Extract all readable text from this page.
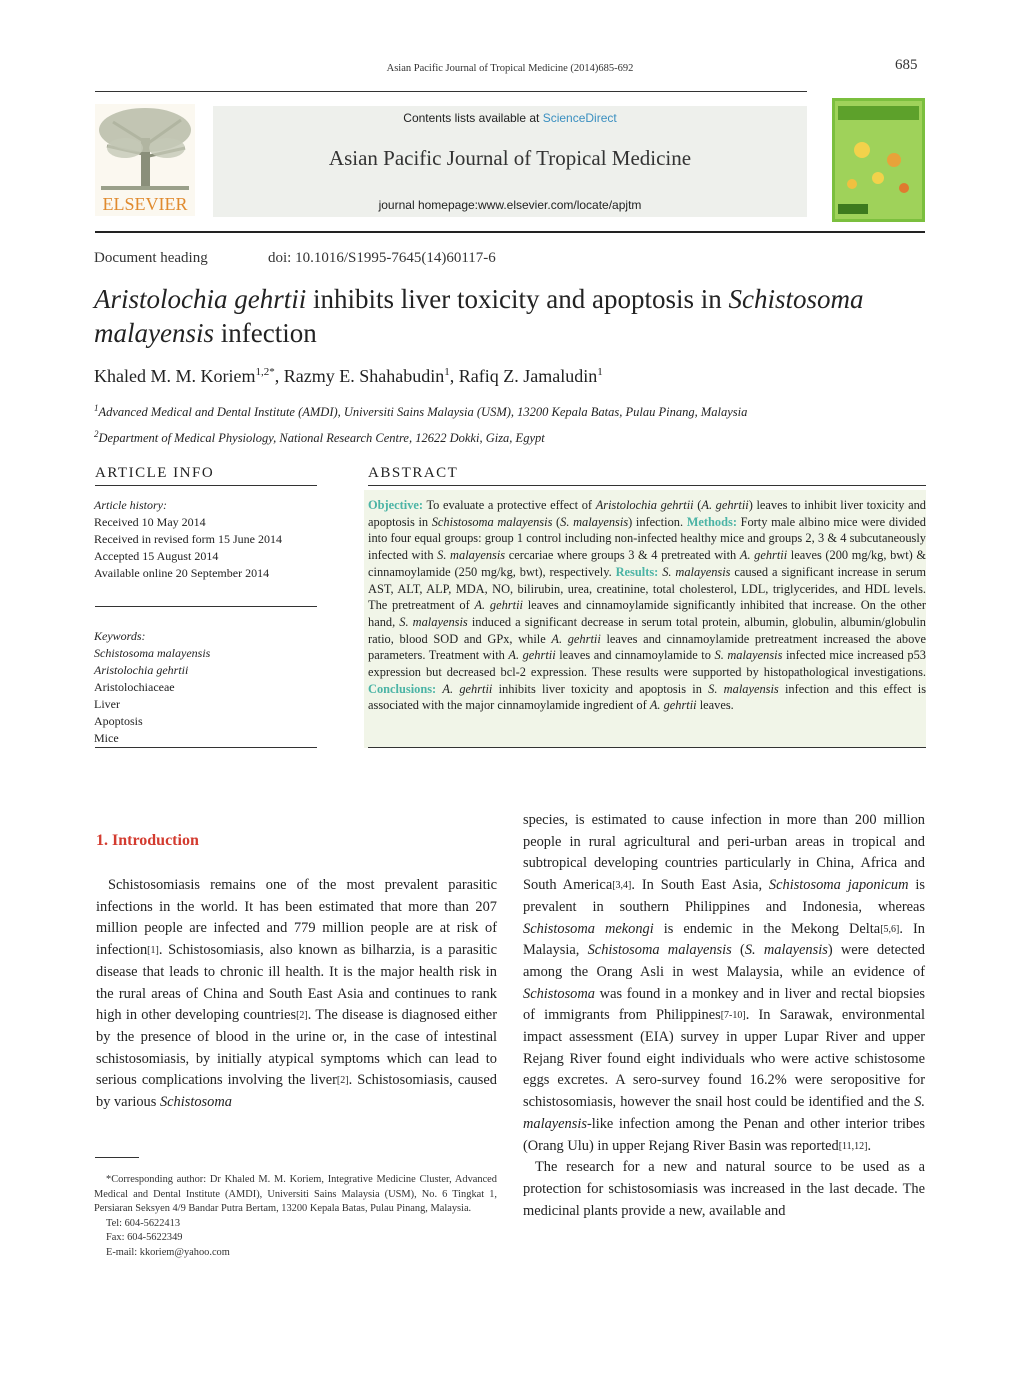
Asian Pacific Journal of Tropical Medicine (2014)685-692	685
ELSEVIER
Contents lists available at ScienceDirect
Asian Pacific Journal of Tropical Medicine
journal homepage:www.elsevier.com/locate/apjtm
Document heading	doi: 10.1016/S1995-7645(14)60117-6
Aristolochia gehrtii inhibits liver toxicity and apoptosis in Schistosoma malayensis infection
Khaled M. M. Koriem$^{1,2*}$, Razmy E. Shahabudin$^1$, Rafiq Z. Jamaludin$^1$
$^1$Advanced Medical and Dental Institute (AMDI), Universiti Sains Malaysia (USM), 13200 Kepala Batas, Pulau Pinang, Malaysia
$^2$Department of Medical Physiology, National Research Centre, 12622 Dokki, Giza, Egypt
ARTICLE INFO
Article history:
Received 10 May 2014
Received in revised form 15 June 2014
Accepted 15 August 2014
Available online 20 September 2014
Keywords:
Schistosoma malayensis
Aristolochia gehrtii
Aristolochiaceae
Liver
Apoptosis
Mice
ABSTRACT
Objective: To evaluate a protective effect of Aristolochia gehrtii (A. gehrtii) leaves to inhibit liver toxicity and apoptosis in Schistosoma malayensis (S. malayensis) infection. Methods: Forty male albino mice were divided into four equal groups: group 1 control including non-infected healthy mice and groups 2, 3 & 4 subcutaneously infected with S. malayensis cercariae where groups 3 & 4 pretreated with A. gehrtii leaves (200 mg/kg, bwt) & cinnamoylamide (250 mg/kg, bwt), respectively. Results: S. malayensis caused a significant increase in serum AST, ALT, ALP, MDA, NO, bilirubin, urea, creatinine, total cholesterol, LDL, triglycerides, and HDL levels. The pretreatment of A. gehrtii leaves and cinnamoylamide significantly inhibited that increase. On the other hand, S. malayensis induced a significant decrease in serum total protein, albumin, globulin, albumin/globulin ratio, blood SOD and GPx, while A. gehrtii leaves and cinnamoylamide pretreatment increased the above parameters. Treatment with A. gehrtii leaves and cinnamoylamide to S. malayensis infected mice increased p53 expression but decreased bcl-2 expression. These results were supported by histopathological investigations. Conclusions: A. gehrtii inhibits liver toxicity and apoptosis in S. malayensis infection and this effect is associated with the major cinnamoylamide ingredient of A. gehrtii leaves.
1. Introduction
Schistosomiasis remains one of the most prevalent parasitic infections in the world. It has been estimated that more than 207 million people are infected and 779 million people are at risk of infection[1]. Schistosomiasis, also known as bilharzia, is a parasitic disease that leads to chronic ill health. It is the major health risk in the rural areas of China and South East Asia and continues to rank high in other developing countries[2]. The disease is diagnosed either by the presence of blood in the urine or, in the case of intestinal schistosomiasis, by initially atypical symptoms which can lead to serious complications involving the liver[2]. Schistosomiasis, caused by various Schistosoma
species, is estimated to cause infection in more than 200 million people in rural agricultural and peri-urban areas in tropical and subtropical developing countries particularly in China, Africa and South America[3,4]. In South East Asia, Schistosoma japonicum is prevalent in southern Philippines and Indonesia, whereas Schistosoma mekongi is endemic in the Mekong Delta[5,6]. In Malaysia, Schistosoma malayensis (S. malayensis) were detected among the Orang Asli in west Malaysia, while an evidence of Schistosoma was found in a monkey and in liver and rectal biopsies of immigrants from Philippines[7-10]. In Sarawak, environmental impact assessment (EIA) survey in upper Lupar River and upper Rejang River found eight individuals who were active schistosome eggs excretes. A sero-survey found 16.2% were seropositive for schistosomiasis, however the snail host could be identified and the S. malayensis-like infection among the Penan and other interior tribes (Orang Ulu) in upper Rejang River Basin was reported[11,12].
The research for a new and natural source to be used as a protection for schistosomiasis was increased in the last decade. The medicinal plants provide a new, available and
*Corresponding author: Dr Khaled M. M. Koriem, Integrative Medicine Cluster, Advanced Medical and Dental Institute (AMDI), Universiti Sains Malaysia (USM), No. 6 Tingkat 1, Persiaran Seksyen 4/9 Bandar Putra Bertam, 13200 Kepala Batas, Pulau Pinang, Malaysia.
Tel: 604-5622413
Fax: 604-5622349
E-mail: kkoriem@yahoo.com
